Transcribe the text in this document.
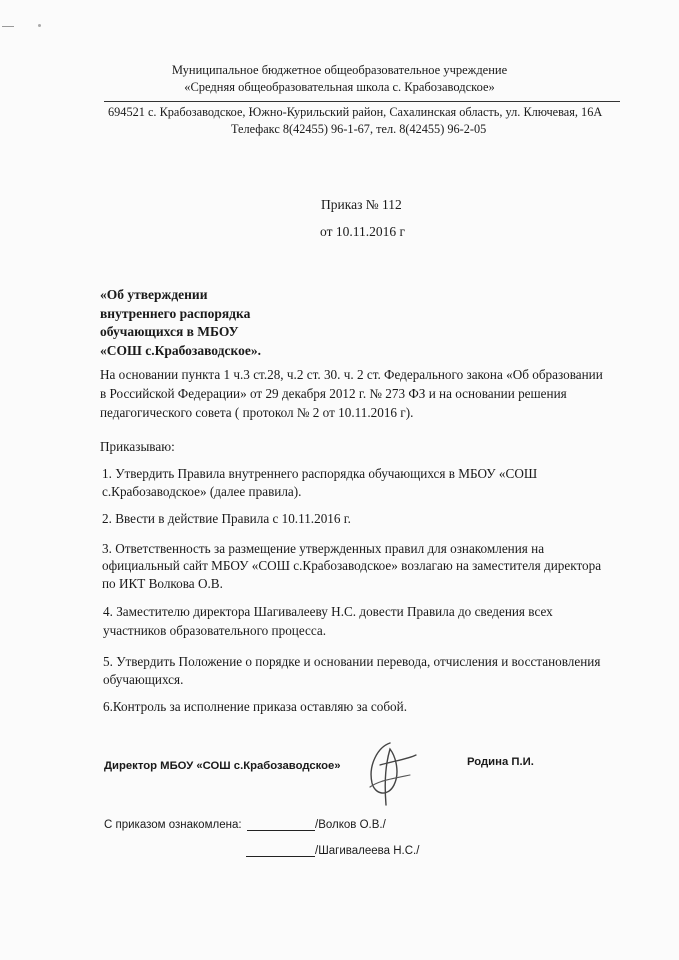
Муниципальное бюджетное общеобразовательное учреждение
«Средняя общеобразовательная школа с. Крабозаводское»
694521 с. Крабозаводское, Южно-Курильский район, Сахалинская область, ул. Ключевая, 16А
Телефакс 8(42455) 96-1-67, тел. 8(42455) 96-2-05
Приказ № 112
от 10.11.2016 г
«Об утверждении
внутреннего распорядка
обучающихся в МБОУ
«СОШ с.Крабозаводское».
На основании пункта 1 ч.3 ст.28, ч.2 ст. 30. ч. 2 ст. Федерального закона «Об образовании
в Российской Федерации» от 29 декабря 2012 г. № 273 ФЗ и на основании решения
педагогического совета ( протокол № 2 от 10.11.2016 г).
Приказываю:
1. Утвердить Правила внутреннего распорядка обучающихся в МБОУ «СОШ
с.Крабозаводское» (далее правила).
2. Ввести в действие Правила с 10.11.2016 г.
3. Ответственность за размещение утвержденных правил для ознакомления на
официальный сайт МБОУ «СОШ с.Крабозаводское» возлагаю на заместителя директора
по ИКТ Волкова О.В.
4. Заместителю директора Шагивалееву Н.С. довести Правила до сведения всех
участников образовательного процесса.
5. Утвердить Положение о порядке и основании перевода, отчисления и восстановления
обучающихся.
6.Контроль за исполнение приказа оставляю за собой.
Директор МБОУ «СОШ с.Крабозаводское»	Родина П.И.
С приказом ознакомлена:	/Волков О.В./
/Шагивалеева Н.С./
